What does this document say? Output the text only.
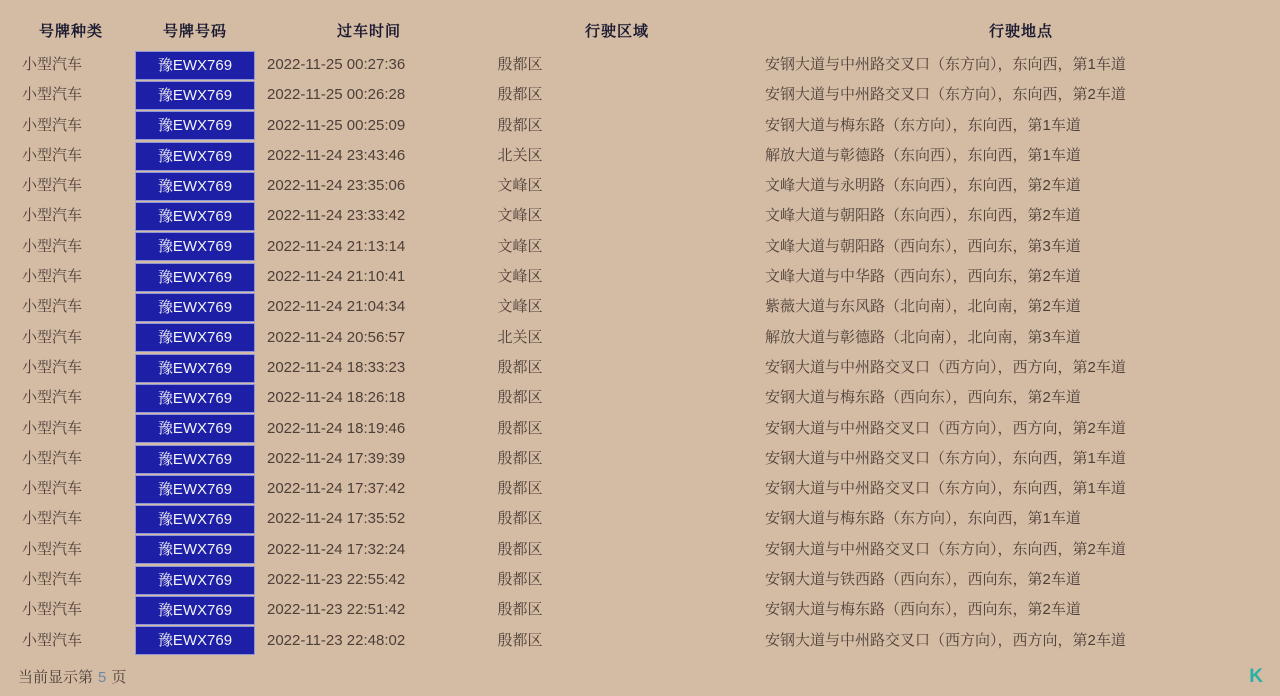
号牌种类	号牌号码	过车时间	行驶区域	行驶地点
小型汽车	豫EWX769	2022-11-25 00:27:36	殷都区	安钢大道与中州路交叉口（东方向），东向西，第1车道
小型汽车	豫EWX769	2022-11-25 00:26:28	殷都区	安钢大道与中州路交叉口（东方向），东向西，第2车道
小型汽车	豫EWX769	2022-11-25 00:25:09	殷都区	安钢大道与梅东路（东方向），东向西，第1车道
小型汽车	豫EWX769	2022-11-24 23:43:46	北关区	解放大道与彰德路（东向西），东向西，第1车道
小型汽车	豫EWX769	2022-11-24 23:35:06	文峰区	文峰大道与永明路（东向西），东向西，第2车道
小型汽车	豫EWX769	2022-11-24 23:33:42	文峰区	文峰大道与朝阳路（东向西），东向西，第2车道
小型汽车	豫EWX769	2022-11-24 21:13:14	文峰区	文峰大道与朝阳路（西向东），西向东，第3车道
小型汽车	豫EWX769	2022-11-24 21:10:41	文峰区	文峰大道与中华路（西向东），西向东，第2车道
小型汽车	豫EWX769	2022-11-24 21:04:34	文峰区	紫薇大道与东风路（北向南），北向南，第2车道
小型汽车	豫EWX769	2022-11-24 20:56:57	北关区	解放大道与彰德路（北向南），北向南，第3车道
小型汽车	豫EWX769	2022-11-24 18:33:23	殷都区	安钢大道与中州路交叉口（西方向），西方向，第2车道
小型汽车	豫EWX769	2022-11-24 18:26:18	殷都区	安钢大道与梅东路（西向东），西向东，第2车道
小型汽车	豫EWX769	2022-11-24 18:19:46	殷都区	安钢大道与中州路交叉口（西方向），西方向，第2车道
小型汽车	豫EWX769	2022-11-24 17:39:39	殷都区	安钢大道与中州路交叉口（东方向），东向西，第1车道
小型汽车	豫EWX769	2022-11-24 17:37:42	殷都区	安钢大道与中州路交叉口（东方向），东向西，第1车道
小型汽车	豫EWX769	2022-11-24 17:35:52	殷都区	安钢大道与梅东路（东方向），东向西，第1车道
小型汽车	豫EWX769	2022-11-24 17:32:24	殷都区	安钢大道与中州路交叉口（东方向），东向西，第2车道
小型汽车	豫EWX769	2022-11-23 22:55:42	殷都区	安钢大道与铁西路（西向东），西向东，第2车道
小型汽车	豫EWX769	2022-11-23 22:51:42	殷都区	安钢大道与梅东路（西向东），西向东，第2车道
小型汽车	豫EWX769	2022-11-23 22:48:02	殷都区	安钢大道与中州路交叉口（西方向），西方向，第2车道
当前显示第 5 页	K
